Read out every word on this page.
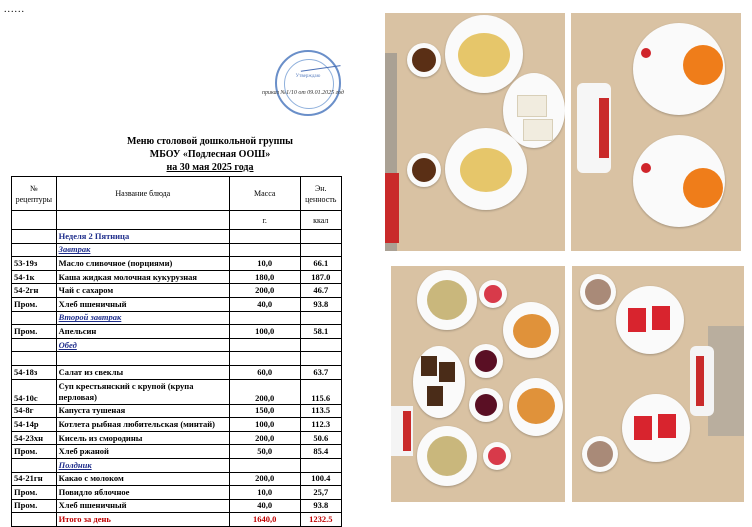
......
Утверждаю
приказ №1/10 от 09.01.2025 год
Меню столовой дошкольной группы
МБОУ «Подлесная ООШ»
на 30 мая 2025 года
№ рецептуры	Название блюда	Масса	Эн. ценность
		г.	ккал
	Неделя 2 Пятница		
	Завтрак		
53-19з	Масло сливочное (порциями)	10,0	66.1
54-1к	Каша жидкая молочная кукурузная	180,0	187.0
54-2гн	Чай с сахаром	200,0	46.7
Пром.	Хлеб пшеничный	40,0	93.8
	Второй завтрак		
Пром.	Апельсин	100,0	58.1
	Обед		

54-18з	Салат из свеклы	60,0	63.7
54-10с	Суп крестьянский с крупой (крупа перловая)	200,0	115.6
54-8г	Капуста тушеная	150,0	113.5
54-14р	Котлета рыбная любительская (минтай)	100,0	112.3
54-23хн	Кисель из смородины	200,0	50.6
Пром.	Хлеб ржаной	50,0	85.4
	Полдник		
54-21гн	Какао с молоком	200,0	100.4
Пром.	Повидло яблочное	10,0	25,7
Пром.	Хлеб пшеничный	40,0	93.8
	Итого за день	1640,0	1232.5
